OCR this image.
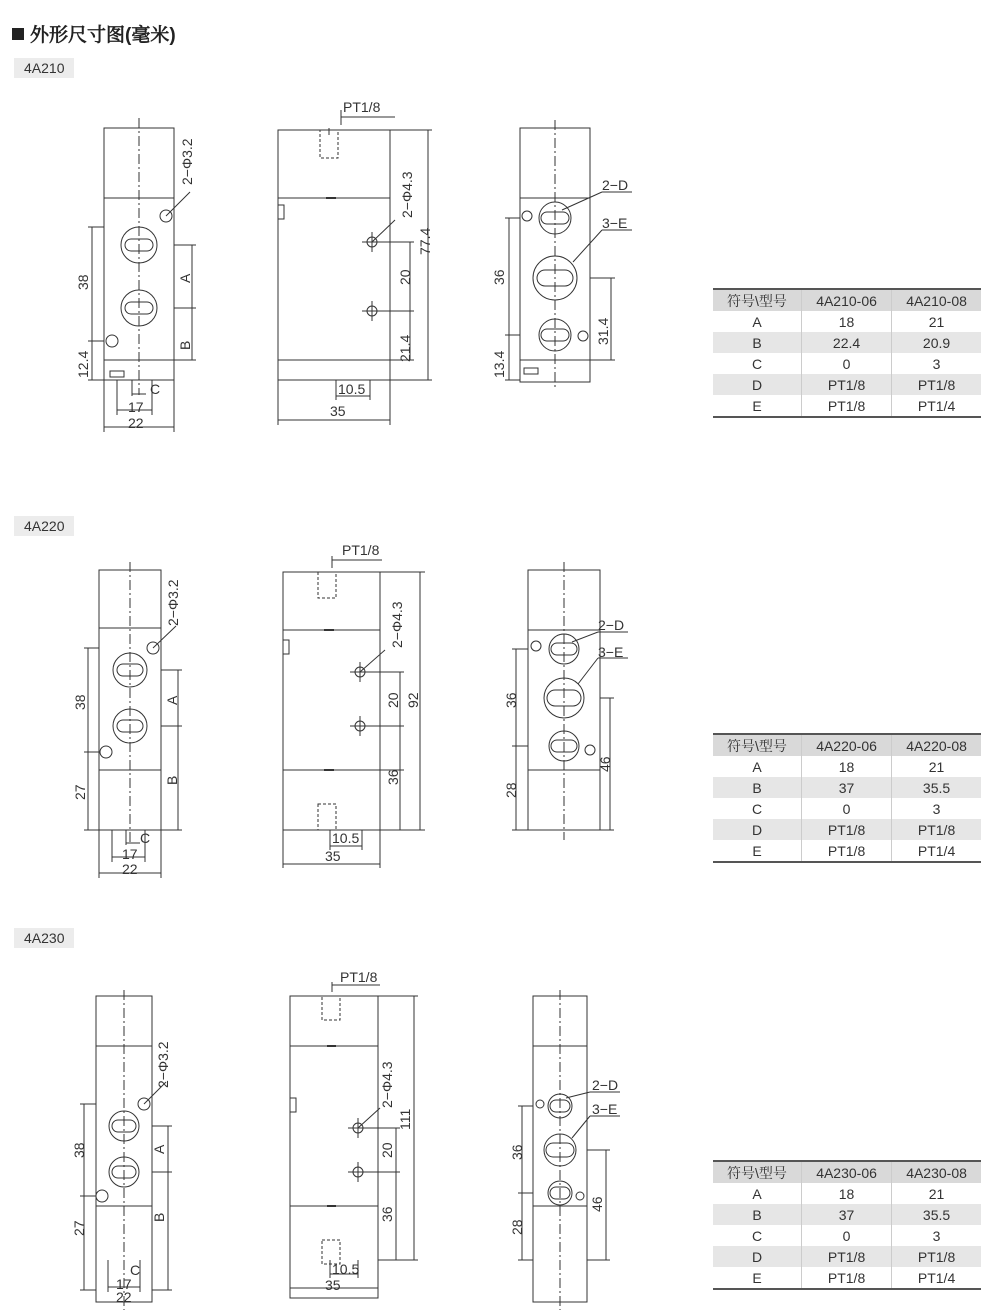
外形尺寸图(毫米)
4A210
4A220
4A230
2−Φ3.2
38	A
B
12.4
C
17
22
PT1/8
2−Φ4.3
77.4
20
21.4
10.5
35
2−D
3−E
36
13.4
31.4
2−Φ3.2
38	A
B
27
C
17
22
PT1/8
2−Φ4.3
20 92
36
10.5
35
2−D
3−E
36
28
46
2−Φ3.2
38	A
B
27
C
17
22
PT1/8
2−Φ4.3
111
20
36
10.5
35
2−D
3−E
36
28
46
符号\型号	4A210-06	4A210-08
A	18	21
B	22.4	20.9
C	0	3
D	PT1/8	PT1/8
E	PT1/8	PT1/4
符号\型号	4A220-06	4A220-08
A	18	21
B	37	35.5
C	0	3
D	PT1/8	PT1/8
E	PT1/8	PT1/4
符号\型号	4A230-06	4A230-08
A	18	21
B	37	35.5
C	0	3
D	PT1/8	PT1/8
E	PT1/8	PT1/4
